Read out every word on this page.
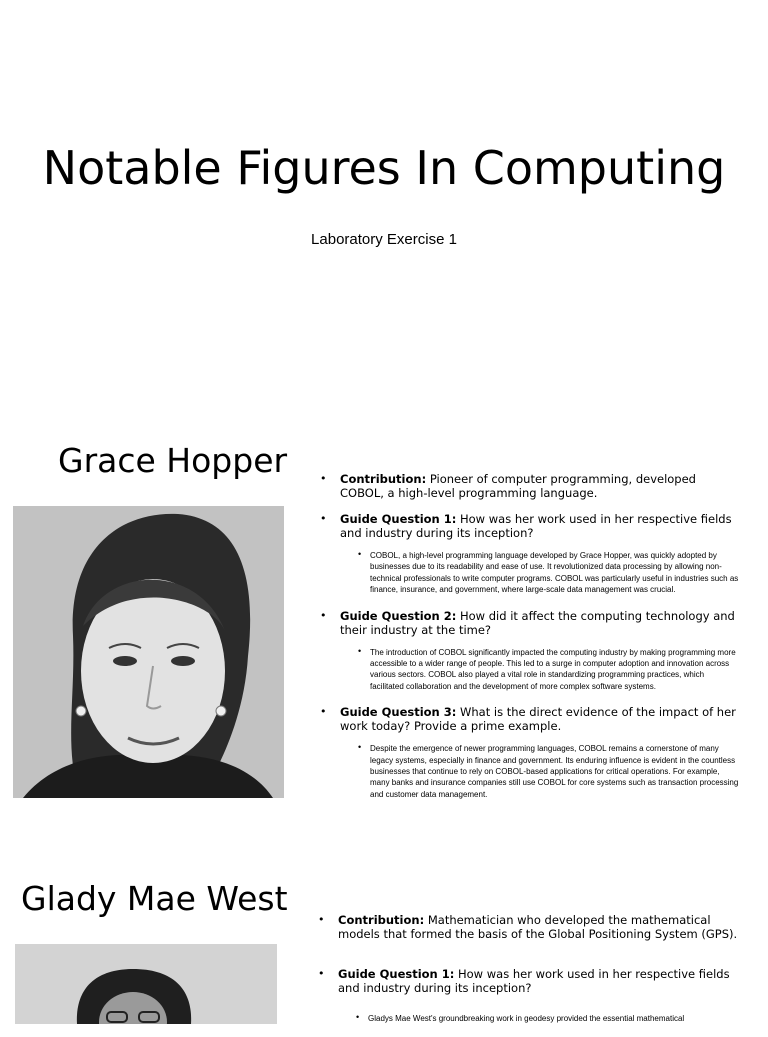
Notable Figures In Computing
Laboratory Exercise 1
Grace Hopper
•	Contribution: Pioneer of computer programming, developed COBOL, a high-level programming language.
• Guide Question 1: How was her work used in her respective fields and industry during its inception?
• COBOL, a high-level programming language developed by Grace Hopper, was quickly adopted by businesses due to its readability and ease of use. It revolutionized data processing by allowing non-technical professionals to write computer programs. COBOL was particularly useful in industries such as finance, insurance, and government, where large-scale data management was crucial.
• Guide Question 2: How did it affect the computing technology and their industry at the time?
• The introduction of COBOL significantly impacted the computing industry by making programming more accessible to a wider range of people. This led to a surge in computer adoption and innovation across various sectors. COBOL also played a vital role in standardizing programming practices, which facilitated collaboration and the development of more complex software systems.
• Guide Question 3: What is the direct evidence of the impact of her work today? Provide a prime example.
• Despite the emergence of newer programming languages, COBOL remains a cornerstone of many legacy systems, especially in finance and government. Its enduring influence is evident in the countless businesses that continue to rely on COBOL-based applications for critical operations. For example, many banks and insurance companies still use COBOL for core systems such as transaction processing and customer data management.
Glady Mae West
• Contribution: Mathematician who developed the mathematical models that formed the basis of the Global Positioning System (GPS).
• Guide Question 1: How was her work used in her respective fields and industry during its inception?
• Gladys Mae West's groundbreaking work in geodesy provided the essential mathematical
